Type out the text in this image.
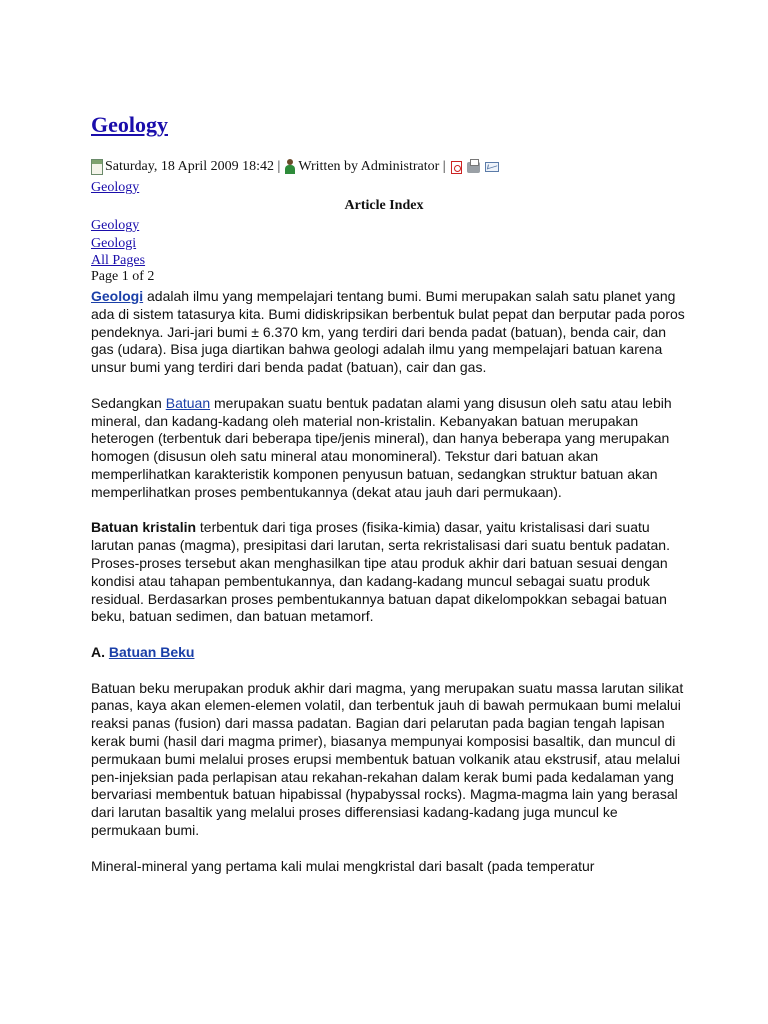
Geology
Saturday, 18 April 2009 18:42 | Written by Administrator |
Geology
Article Index
Geology
Geologi
All Pages
Page 1 of 2

Geologi adalah ilmu yang mempelajari tentang bumi. Bumi merupakan salah satu planet yang ada di sistem tatasurya kita. Bumi didiskripsikan berbentuk bulat pepat dan berputar pada poros pendeknya. Jari-jari bumi ± 6.370 km, yang terdiri dari benda padat (batuan), benda cair, dan gas (udara). Bisa juga diartikan bahwa geologi adalah ilmu yang mempelajari batuan karena unsur bumi yang terdiri dari benda padat (batuan), cair dan gas.

Sedangkan Batuan merupakan suatu bentuk padatan alami yang disusun oleh satu atau lebih mineral, dan kadang-kadang oleh material non-kristalin. Kebanyakan batuan merupakan heterogen (terbentuk dari beberapa tipe/jenis mineral), dan hanya beberapa yang merupakan homogen (disusun oleh satu mineral atau monomineral). Tekstur dari batuan akan memperlihatkan karakteristik komponen penyusun batuan, sedangkan struktur batuan akan memperlihatkan proses pembentukannya (dekat atau jauh dari permukaan).

Batuan kristalin terbentuk dari tiga proses (fisika-kimia) dasar, yaitu kristalisasi dari suatu larutan panas (magma), presipitasi dari larutan, serta rekristalisasi dari suatu bentuk padatan. Proses-proses tersebut akan menghasilkan tipe atau produk akhir dari batuan sesuai dengan kondisi atau tahapan pembentukannya, dan kadang-kadang muncul sebagai suatu produk residual. Berdasarkan proses pembentukannya batuan dapat dikelompokkan sebagai batuan beku, batuan sedimen, dan batuan metamorf.

A. Batuan Beku

Batuan beku merupakan produk akhir dari magma, yang merupakan suatu massa larutan silikat panas, kaya akan elemen-elemen volatil, dan terbentuk jauh di bawah permukaan bumi melalui reaksi panas (fusion) dari massa padatan. Bagian dari pelarutan pada bagian tengah lapisan kerak bumi (hasil dari magma primer), biasanya mempunyai komposisi basaltik, dan muncul di permukaan bumi melalui proses erupsi membentuk batuan volkanik atau ekstrusif, atau melalui pen-injeksian pada perlapisan atau rekahan-rekahan dalam kerak bumi pada kedalaman yang bervariasi membentuk batuan hipabissal (hypabyssal rocks). Magma-magma lain yang berasal dari larutan basaltik yang melalui proses differensiasi kadang-kadang juga muncul ke permukaan bumi.

Mineral-mineral yang pertama kali mulai mengkristal dari basalt (pada temperatur
